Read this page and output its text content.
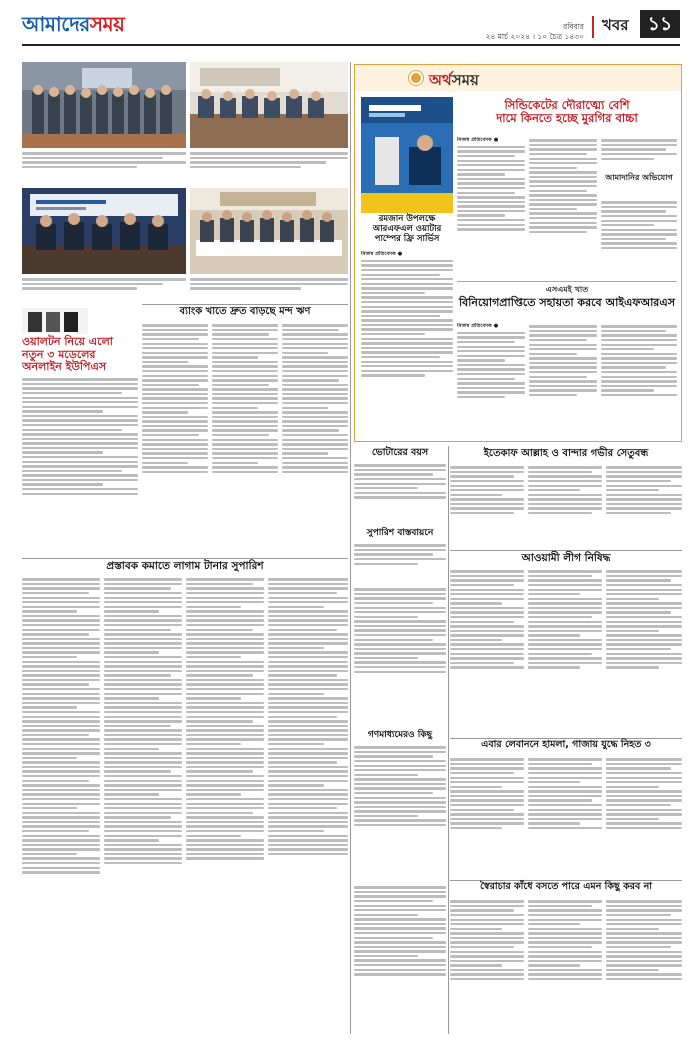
আমাদেরসময়	রবিবার
২৪ মার্চ ২০২৪ । ১০ চৈত্র ১৪৩০
খবর	১১
ওয়ালটন নিয়ে এলো
নতুন ৩ মডেলের
অনলাইন ইউপিএস
ব্যাংক খাতে দ্রুত বাড়ছে মন্দ ঋণ
প্রস্তাবক কমাতে লাগাম টানার সুপারিশ
অর্থসময়
সিন্ডিকেটের দৌরাত্ম্যে বেশি
দামে কিনতে হচ্ছে মুরগির বাচ্চা
নিজস্ব প্রতিবেদক ●
আমাদানির অভিযোগ
রমজান উপলক্ষে
আরএফএল ওয়াটার
পাম্পের ফ্রি সার্ভিস
নিজস্ব প্রতিবেদক ●
এসএমই খাত
বিনিয়োগপ্রাপ্তিতে সহায়তা করবে আইএফআরএস
নিজস্ব প্রতিবেদক ●
ভোটারের বয়স	ইতেকাফ আল্লাহ ও বান্দার গভীর সেতুবন্ধ
সুপারিশ বাস্তবায়নে
আওয়ামী লীগ নিষিদ্ধ
গণমাধ্যমেরও কিছু
এবার লেবাননে হামলা, গাজায় যুদ্ধে নিহত ৩
স্বৈরাচার কাঁধে বসতে পারে এমন কিছু করব না
